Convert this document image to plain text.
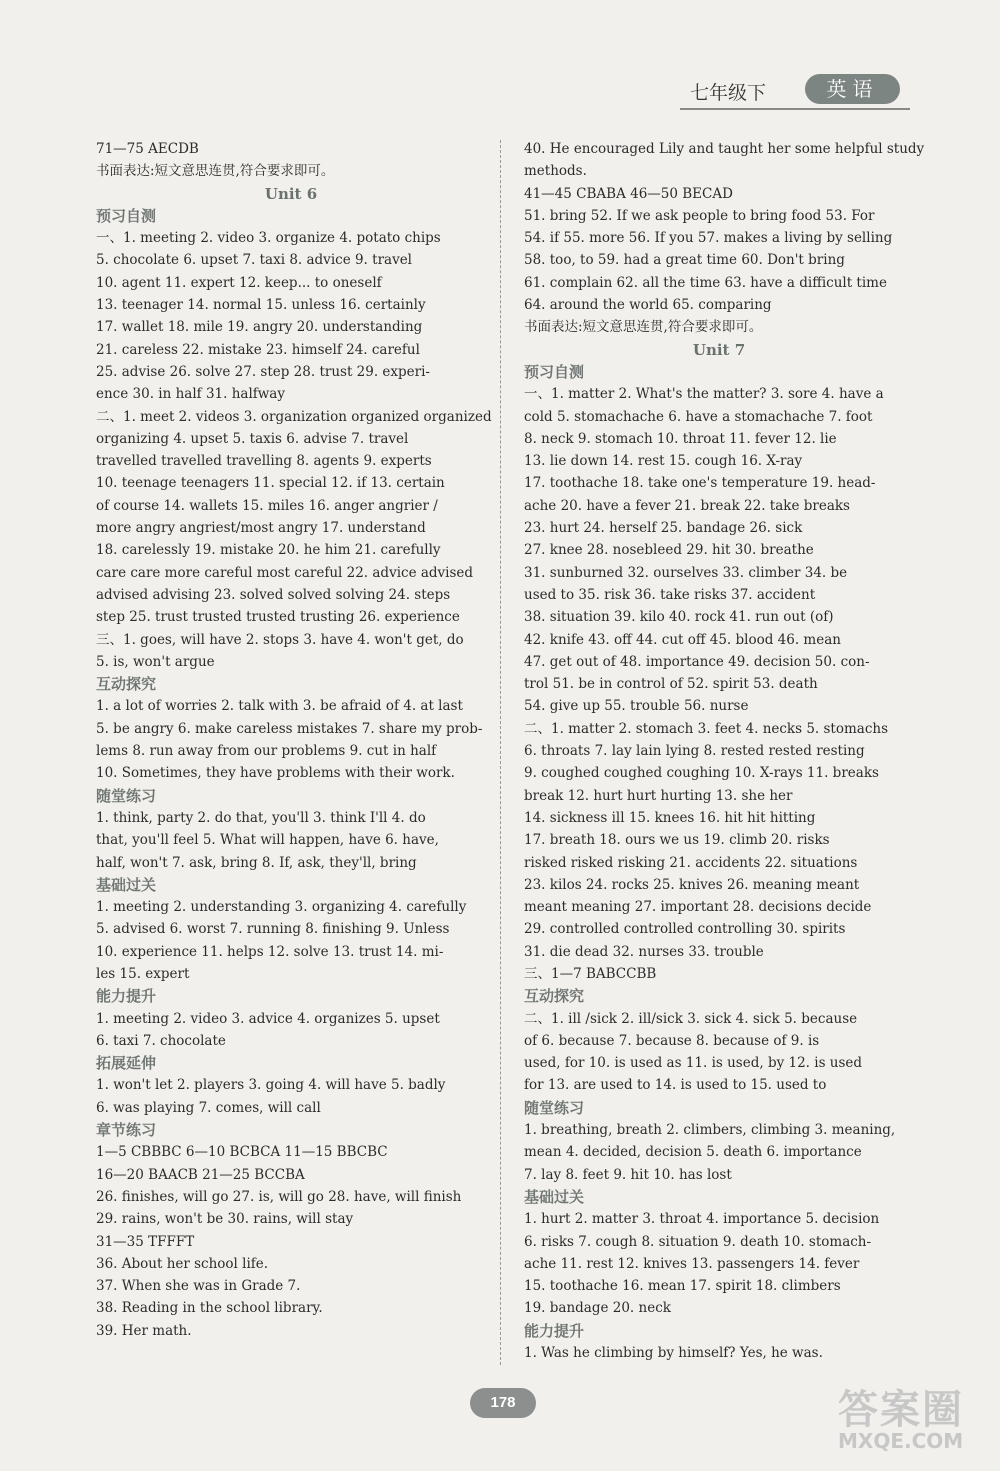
七年级下	英语
71—75 AECDB
书面表达:短文意思连贯,符合要求即可。
Unit 6
预习自测
一、1. meeting 2. video 3. organize 4. potato chips
5. chocolate 6. upset 7. taxi 8. advice 9. travel
10. agent 11. expert 12. keep... to oneself
13. teenager 14. normal 15. unless 16. certainly
17. wallet 18. mile 19. angry 20. understanding
21. careless 22. mistake 23. himself 24. careful
25. advise 26. solve 27. step 28. trust 29. experi-
ence 30. in half 31. halfway
二、1. meet 2. videos 3. organization organized organized
organizing 4. upset 5. taxis 6. advise 7. travel
travelled travelled travelling 8. agents 9. experts
10. teenage teenagers 11. special 12. if 13. certain
of course 14. wallets 15. miles 16. anger angrier /
more angry angriest/most angry 17. understand
18. carelessly 19. mistake 20. he him 21. carefully
care care more careful most careful 22. advice advised
advised advising 23. solved solved solving 24. steps
step 25. trust trusted trusted trusting 26. experience
三、1. goes, will have 2. stops 3. have 4. won't get, do
5. is, won't argue
互动探究
1. a lot of worries 2. talk with 3. be afraid of 4. at last
5. be angry 6. make careless mistakes 7. share my prob-
lems 8. run away from our problems 9. cut in half
10. Sometimes, they have problems with their work.
随堂练习
1. think, party 2. do that, you'll 3. think I'll 4. do
that, you'll feel 5. What will happen, have 6. have,
half, won't 7. ask, bring 8. If, ask, they'll, bring
基础过关
1. meeting 2. understanding 3. organizing 4. carefully
5. advised 6. worst 7. running 8. finishing 9. Unless
10. experience 11. helps 12. solve 13. trust 14. mi-
les 15. expert
能力提升
1. meeting 2. video 3. advice 4. organizes 5. upset
6. taxi 7. chocolate
拓展延伸
1. won't let 2. players 3. going 4. will have 5. badly
6. was playing 7. comes, will call
章节练习
1—5 CBBBC 6—10 BCBCA 11—15 BBCBC
16—20 BAACB 21—25 BCCBA
26. finishes, will go 27. is, will go 28. have, will finish
29. rains, won't be 30. rains, will stay
31—35 TFFFT
36. About her school life.
37. When she was in Grade 7.
38. Reading in the school library.
39. Her math.
40. He encouraged Lily and taught her some helpful study
methods.
41—45 CBABA 46—50 BECAD
51. bring 52. If we ask people to bring food 53. For
54. if 55. more 56. If you 57. makes a living by selling
58. too, to 59. had a great time 60. Don't bring
61. complain 62. all the time 63. have a difficult time
64. around the world 65. comparing
书面表达:短文意思连贯,符合要求即可。
Unit 7
预习自测
一、1. matter 2. What's the matter? 3. sore 4. have a
cold 5. stomachache 6. have a stomachache 7. foot
8. neck 9. stomach 10. throat 11. fever 12. lie
13. lie down 14. rest 15. cough 16. X-ray
17. toothache 18. take one's temperature 19. head-
ache 20. have a fever 21. break 22. take breaks
23. hurt 24. herself 25. bandage 26. sick
27. knee 28. nosebleed 29. hit 30. breathe
31. sunburned 32. ourselves 33. climber 34. be
used to 35. risk 36. take risks 37. accident
38. situation 39. kilo 40. rock 41. run out (of)
42. knife 43. off 44. cut off 45. blood 46. mean
47. get out of 48. importance 49. decision 50. con-
trol 51. be in control of 52. spirit 53. death
54. give up 55. trouble 56. nurse
二、1. matter 2. stomach 3. feet 4. necks 5. stomachs
6. throats 7. lay lain lying 8. rested rested resting
9. coughed coughed coughing 10. X-rays 11. breaks
break 12. hurt hurt hurting 13. she her
14. sickness ill 15. knees 16. hit hit hitting
17. breath 18. ours we us 19. climb 20. risks
risked risked risking 21. accidents 22. situations
23. kilos 24. rocks 25. knives 26. meaning meant
meant meaning 27. important 28. decisions decide
29. controlled controlled controlling 30. spirits
31. die dead 32. nurses 33. trouble
三、1—7 BABCCBB
互动探究
二、1. ill /sick 2. ill/sick 3. sick 4. sick 5. because
of 6. because 7. because 8. because of 9. is
used, for 10. is used as 11. is used, by 12. is used
for 13. are used to 14. is used to 15. used to
随堂练习
1. breathing, breath 2. climbers, climbing 3. meaning,
mean 4. decided, decision 5. death 6. importance
7. lay 8. feet 9. hit 10. has lost
基础过关
1. hurt 2. matter 3. throat 4. importance 5. decision
6. risks 7. cough 8. situation 9. death 10. stomach-
ache 11. rest 12. knives 13. passengers 14. fever
15. toothache 16. mean 17. spirit 18. climbers
19. bandage 20. neck
能力提升
1. Was he climbing by himself? Yes, he was.
178	答案圈
MXQE.COM
